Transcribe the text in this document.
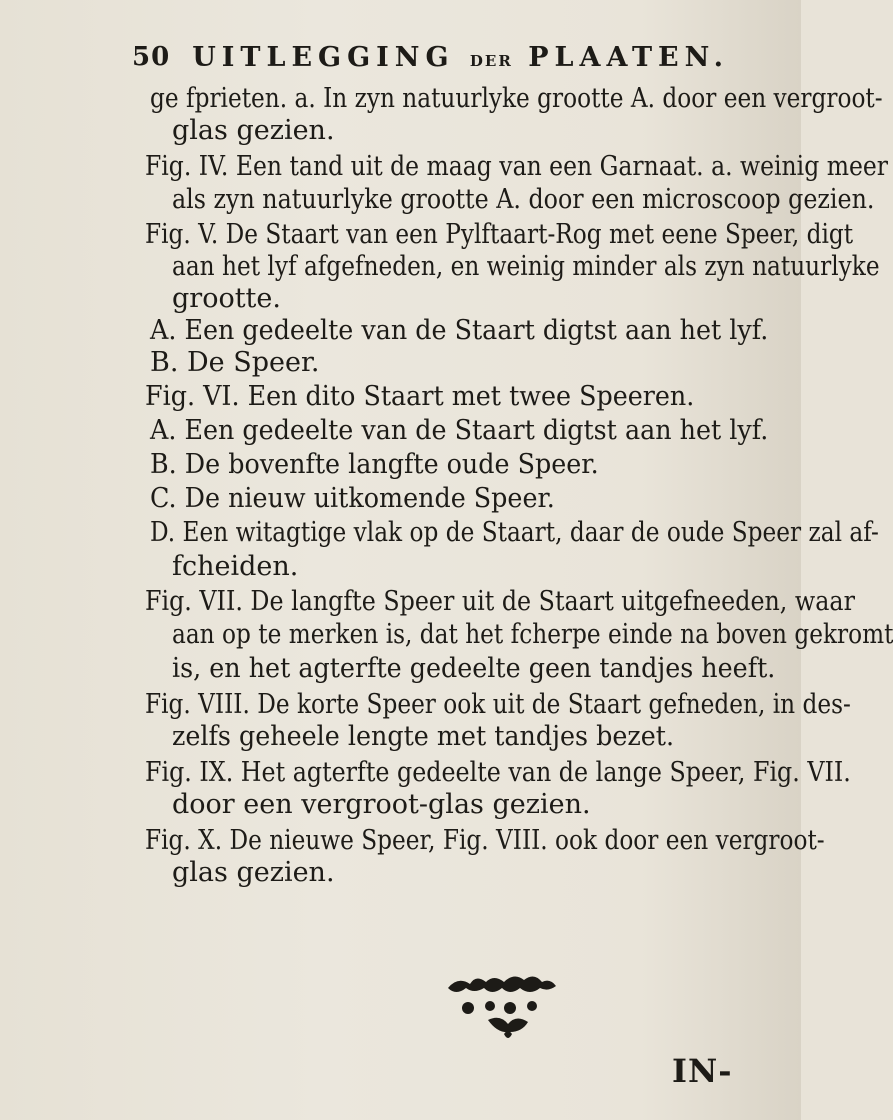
50 UITLEGGING DER PLAATEN.
ge fprieten. a. In zyn natuurlyke grootte A. door een vergroot-
glas gezien.
Fig. IV. Een tand uit de maag van een Garnaat. a. weinig meer
als zyn natuurlyke grootte A. door een microscoop gezien.
Fig. V. De Staart van een Pylftaart-Rog met eene Speer, digt
aan het lyf afgefneden, en weinig minder als zyn natuurlyke
grootte.
A. Een gedeelte van de Staart digtst aan het lyf.
B. De Speer.
Fig. VI. Een dito Staart met twee Speeren.
A. Een gedeelte van de Staart digtst aan het lyf.
B. De bovenfte langfte oude Speer.
C. De nieuw uitkomende Speer.
D. Een witagtige vlak op de Staart, daar de oude Speer zal af-
fcheiden.
Fig. VII. De langfte Speer uit de Staart uitgefneeden, waar
aan op te merken is, dat het fcherpe einde na boven gekromt
is, en het agterfte gedeelte geen tandjes heeft.
Fig. VIII. De korte Speer ook uit de Staart gefneden, in des-
zelfs geheele lengte met tandjes bezet.
Fig. IX. Het agterfte gedeelte van de lange Speer, Fig. VII.
door een vergroot-glas gezien.
Fig. X. De nieuwe Speer, Fig. VIII. ook door een vergroot-
glas gezien.
IN-
